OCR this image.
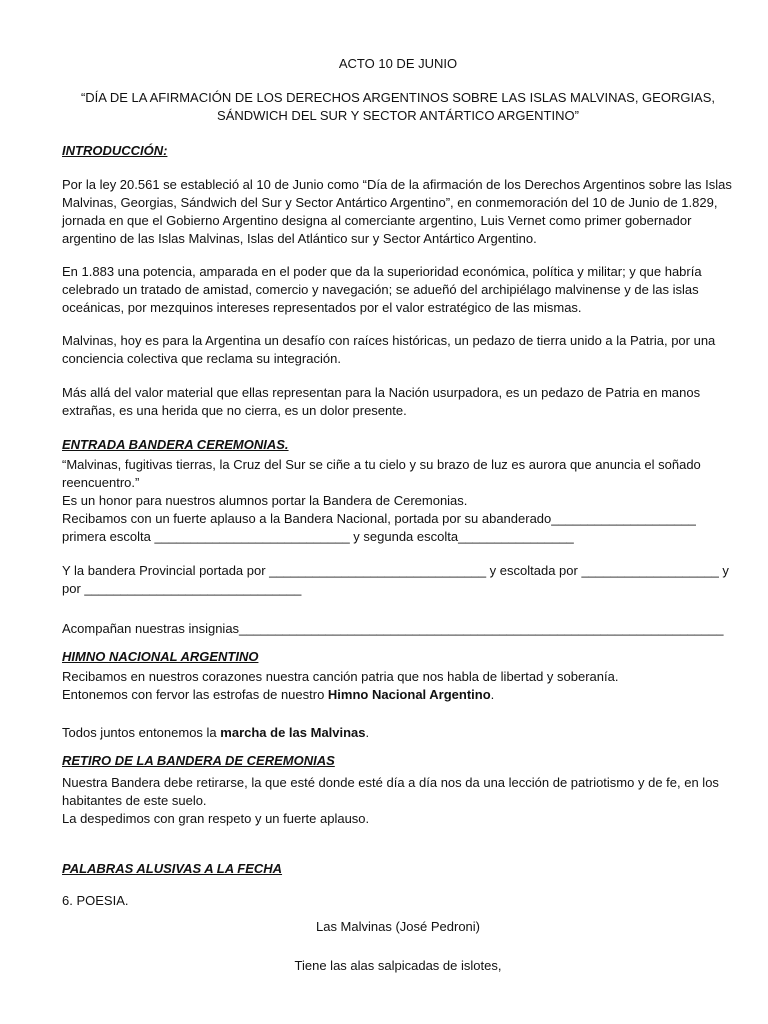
ACTO 10 DE JUNIO
“DÍA DE LA AFIRMACIÓN DE LOS DERECHOS ARGENTINOS SOBRE LAS ISLAS MALVINAS, GEORGIAS, SÁNDWICH DEL SUR Y SECTOR ANTÁRTICO ARGENTINO”
INTRODUCCIÓN:
Por la ley 20.561 se estableció al 10 de Junio como “Día de la afirmación de los Derechos Argentinos sobre las Islas Malvinas, Georgias, Sándwich del Sur y Sector Antártico Argentino”, en conmemoración del 10 de Junio de 1.829, jornada en que el Gobierno Argentino designa al comerciante argentino, Luis Vernet como primer gobernador argentino de las Islas Malvinas, Islas del Atlántico sur y Sector Antártico Argentino.
En 1.883 una potencia, amparada en el poder que da la superioridad económica, política y militar; y que habría celebrado un tratado de amistad, comercio y navegación; se adueñó del archipiélago malvinense y de las islas oceánicas, por mezquinos intereses representados por el valor estratégico de las mismas.
Malvinas, hoy es para la Argentina un desafío con raíces históricas, un pedazo de tierra unido a la Patria, por una conciencia colectiva que reclama su integración.
Más allá del valor material que ellas representan para la Nación usurpadora, es un pedazo de Patria en manos extrañas, es una herida que no cierra, es un dolor presente.
ENTRADA BANDERA CEREMONIAS.

“Malvinas, fugitivas tierras, la Cruz del Sur se ciñe a tu cielo y su brazo de luz es aurora que anuncia el soñado reencuentro.”

Es un honor para nuestros alumnos portar la Bandera de Ceremonias.

Recibamos con un fuerte aplauso a la Bandera Nacional, portada por su abanderado____________________ primera escolta ___________________________ y segunda escolta________________

Y la bandera Provincial portada por ______________________________ y escoltada por ___________________ y por ______________________________
Acompañan nuestras insignias___________________________________________________________________
HIMNO NACIONAL ARGENTINO

Recibamos en nuestros corazones nuestra canción patria que nos habla de libertad y soberanía.

Entonemos con fervor las estrofas de nuestro Himno Nacional Argentino.

Todos juntos entonemos la marcha de las Malvinas.
RETIRO DE LA BANDERA DE CEREMONIAS

Nuestra Bandera debe retirarse, la que esté donde esté día a día nos da una lección de patriotismo y de fe, en los habitantes de este suelo.

La despedimos con gran respeto y un fuerte aplauso.

PALABRAS ALUSIVAS A LA FECHA
6. POESIA.
Las Malvinas (José Pedroni)
Tiene las alas salpicadas de islotes,
